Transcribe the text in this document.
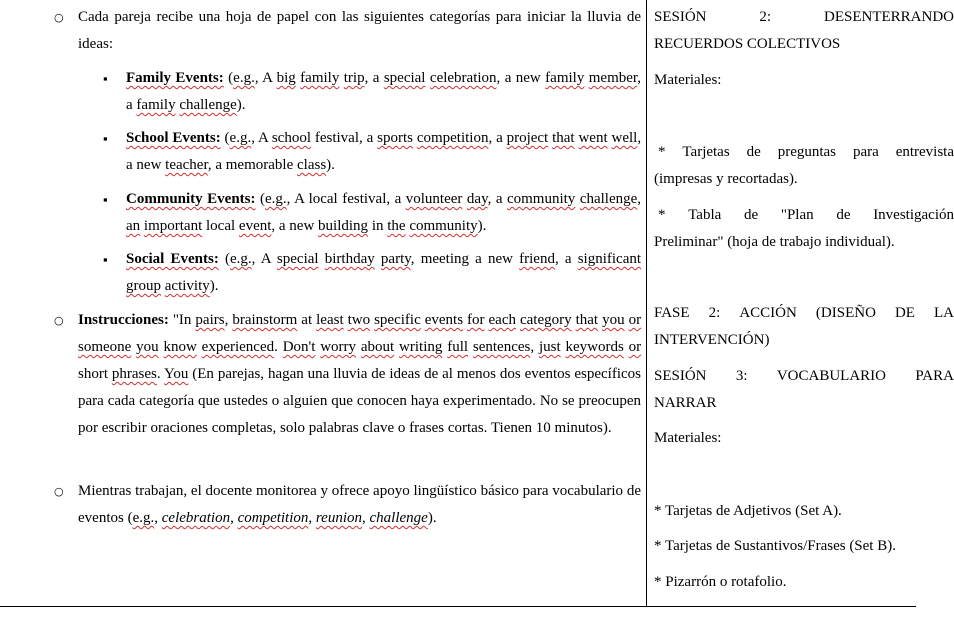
○ Cada pareja recibe una hoja de papel con las siguientes categorías para iniciar la lluvia de ideas:
▪ Family Events: (e.g., A big family trip, a special celebration, a new family member, a family challenge).
▪ School Events: (e.g., A school festival, a sports competition, a project that went well, a new teacher, a memorable class).
▪ Community Events: (e.g., A local festival, a volunteer day, a community challenge, an important local event, a new building in the community).
▪ Social Events: (e.g., A special birthday party, meeting a new friend, a significant group activity).
○ Instrucciones: "In pairs, brainstorm at least two specific events for each category that you or someone you know experienced. Don't worry about writing full sentences, just keywords or short phrases. You (En parejas, hagan una lluvia de ideas de al menos dos eventos específicos para cada categoría que ustedes o alguien que conocen haya experimentado. No se preocupen por escribir oraciones completas, solo palabras clave o frases cortas. Tienen 10 minutos).
○ Mientras trabajan, el docente monitorea y ofrece apoyo lingüístico básico para vocabulario de eventos (e.g., celebration, competition, reunion, challenge).
SESIÓN	2:	DESENTERRANDO
RECUERDOS COLECTIVOS
Materiales:
* Tarjetas de preguntas para entrevista
(impresas y recortadas).
* Tabla de "Plan de Investigación
Preliminar" (hoja de trabajo individual).
FASE 2: ACCIÓN (DISEÑO DE LA
INTERVENCIÓN)
SESIÓN 3: VOCABULARIO PARA
NARRAR
Materiales:
* Tarjetas de Adjetivos (Set A).
* Tarjetas de Sustantivos/Frases (Set B).
* Pizarrón o rotafolio.
